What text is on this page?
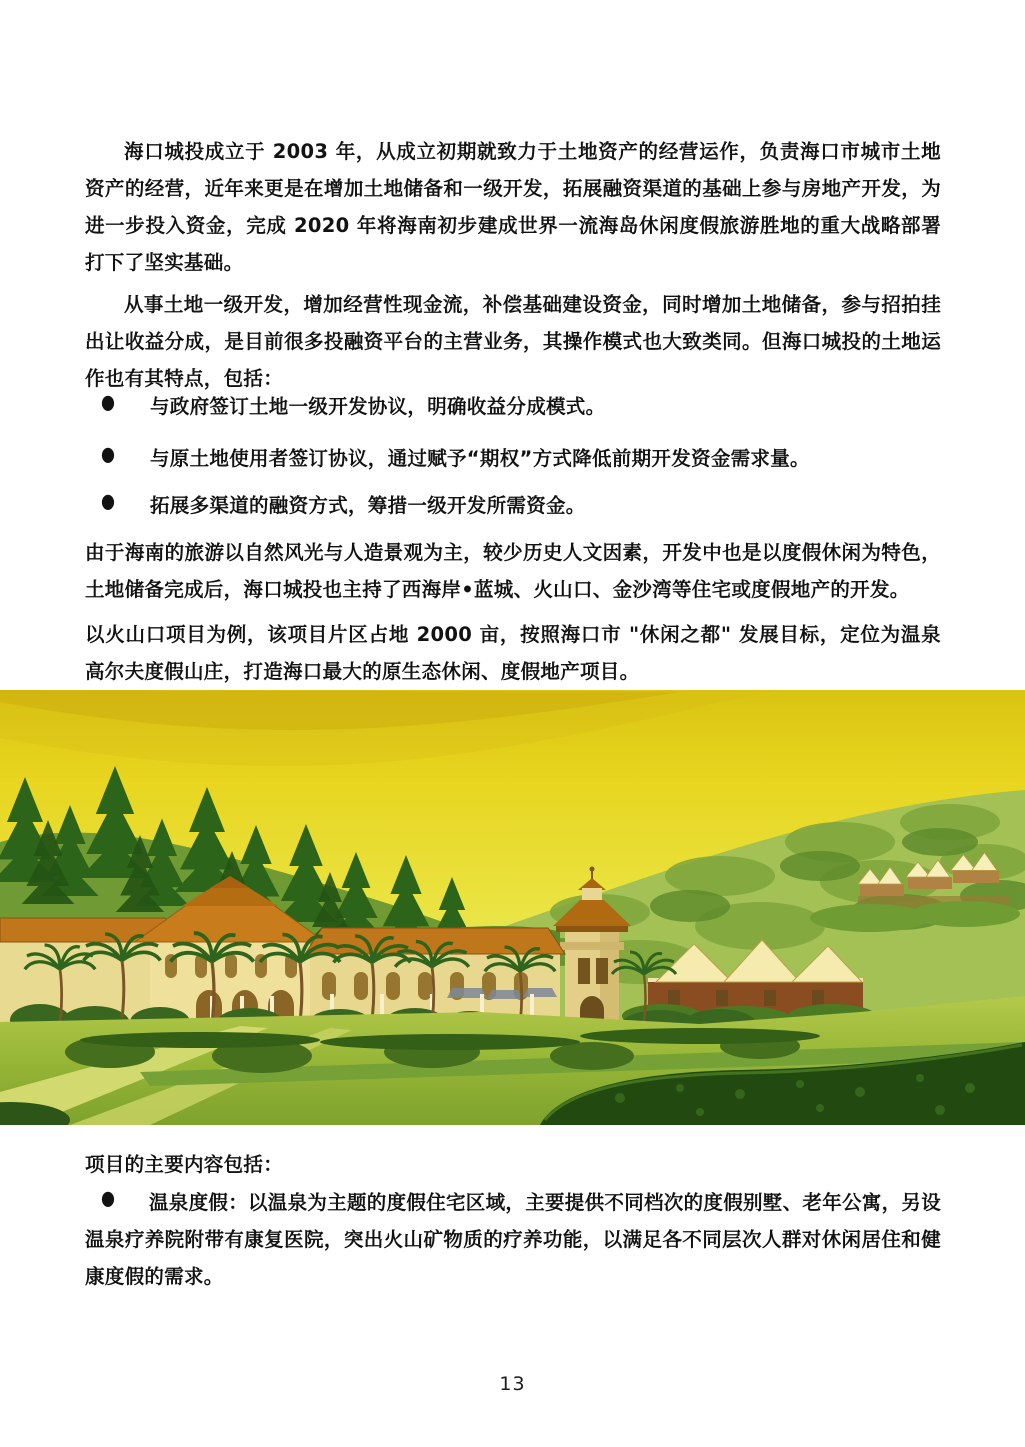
海口城投成立于 2003 年，从成立初期就致力于土地资产的经营运作，负责海口市城市土地资产的经营，近年来更是在增加土地储备和一级开发，拓展融资渠道的基础上参与房地产开发，为进一步投入资金，完成 2020 年将海南初步建成世界一流海岛休闲度假旅游胜地的重大战略部署打下了坚实基础。

从事土地一级开发，增加经营性现金流，补偿基础建设资金，同时增加土地储备，参与招拍挂出让收益分成，是目前很多投融资平台的主营业务，其操作模式也大致类同。但海口城投的土地运作也有其特点，包括：

● 与政府签订土地一级开发协议，明确收益分成模式。
● 与原土地使用者签订协议，通过赋予“期权”方式降低前期开发资金需求量。
● 拓展多渠道的融资方式，筹措一级开发所需资金。

由于海南的旅游以自然风光与人造景观为主，较少历史人文因素，开发中也是以度假休闲为特色，土地储备完成后，海口城投也主持了西海岸•蓝城、火山口、金沙湾等住宅或度假地产的开发。

以火山口项目为例，该项目片区占地 2000 亩，按照海口市 "休闲之都" 发展目标，定位为温泉高尔夫度假山庄，打造海口最大的原生态休闲、度假地产项目。

项目的主要内容包括：

●	温泉度假：以温泉为主题的度假住宅区域，主要提供不同档次的度假别墅、老年公寓，另设温泉疗养院附带有康复医院，突出火山矿物质的疗养功能，以满足各不同层次人群对休闲居住和健康度假的需求。

13
